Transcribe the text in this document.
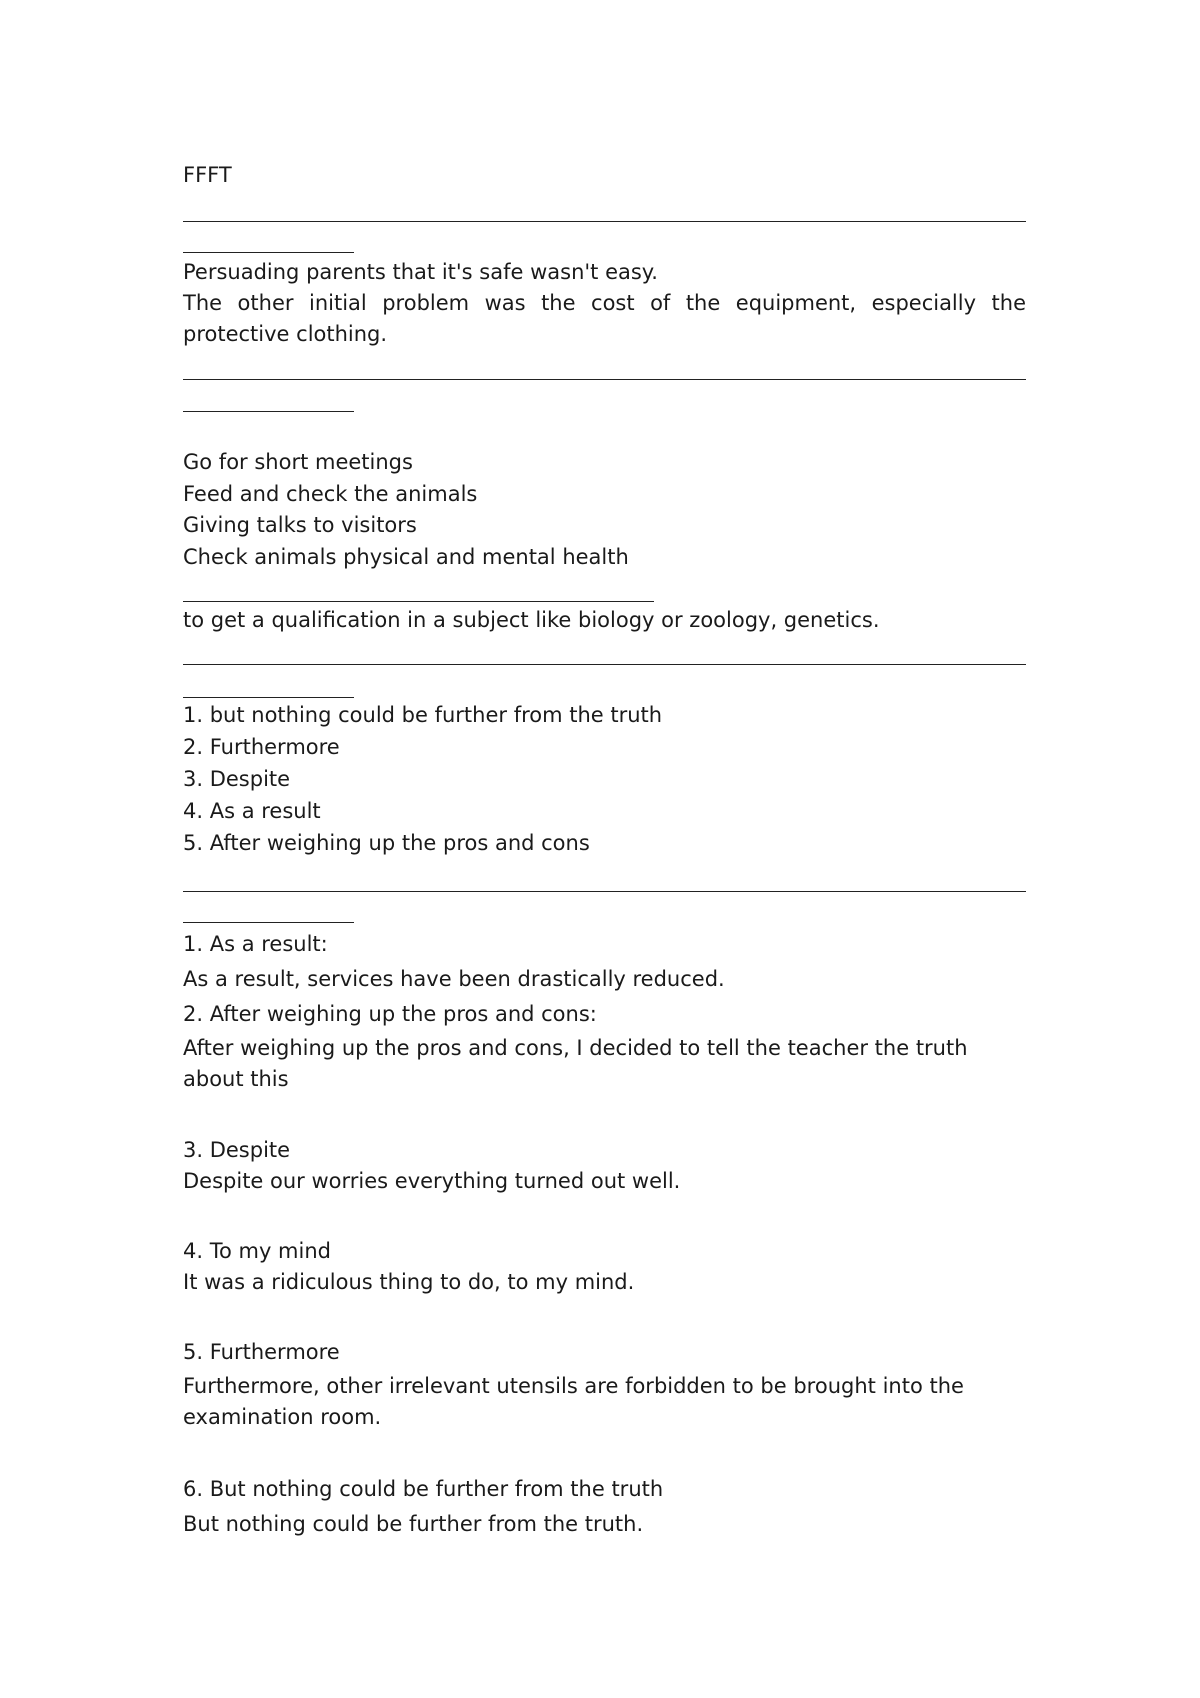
FFFT

Persuading parents that it's safe wasn't easy.

The other initial problem was the cost of the equipment, especially the protective clothing.

Go for short meetings

Feed and check the animals

Giving talks to visitors

Check animals physical and mental health

to get a qualification in a subject like biology or zoology, genetics.

1. but nothing could be further from the truth

2. Furthermore

3. Despite

4. As a result

5. After weighing up the pros and cons

1. As a result:

As a result, services have been drastically reduced.

2. After weighing up the pros and cons:

After weighing up the pros and cons, I decided to tell the teacher the truth about this

3. Despite

Despite our worries everything turned out well.

4. To my mind

It was a ridiculous thing to do, to my mind.

5. Furthermore

Furthermore, other irrelevant utensils are forbidden to be brought into the examination room.

6. But nothing could be further from the truth

But nothing could be further from the truth.
